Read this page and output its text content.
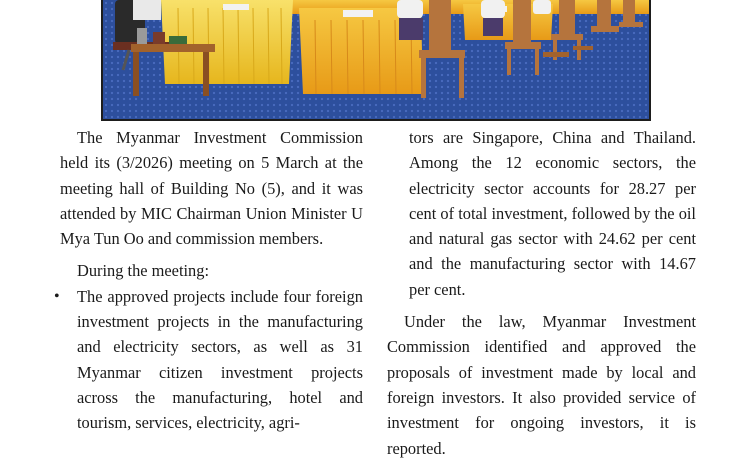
The Myanmar Investment Commission held its (3/2026) meeting on 5 March at the meeting hall of Building No (5), and it was attended by MIC Chairman Union Minister U Mya Tun Oo and commission members.

During the meeting:

• The approved projects include four foreign investment projects in the manufacturing and electricity sectors, as well as 31 Myanmar citizen investment projects across the manufacturing, hotel and tourism, services, electricity, agri-

tors are Singapore, China and Thailand. Among the 12 economic sectors, the electricity sector accounts for 28.27 per cent of total investment, followed by the oil and natural gas sector with 24.62 per cent and the manufacturing sector with 14.67 per cent.

Under the law, Myanmar Investment Commission identified and approved the proposals of investment made by local and foreign investors. It also provided service of investment for ongoing investors, it is reported.
